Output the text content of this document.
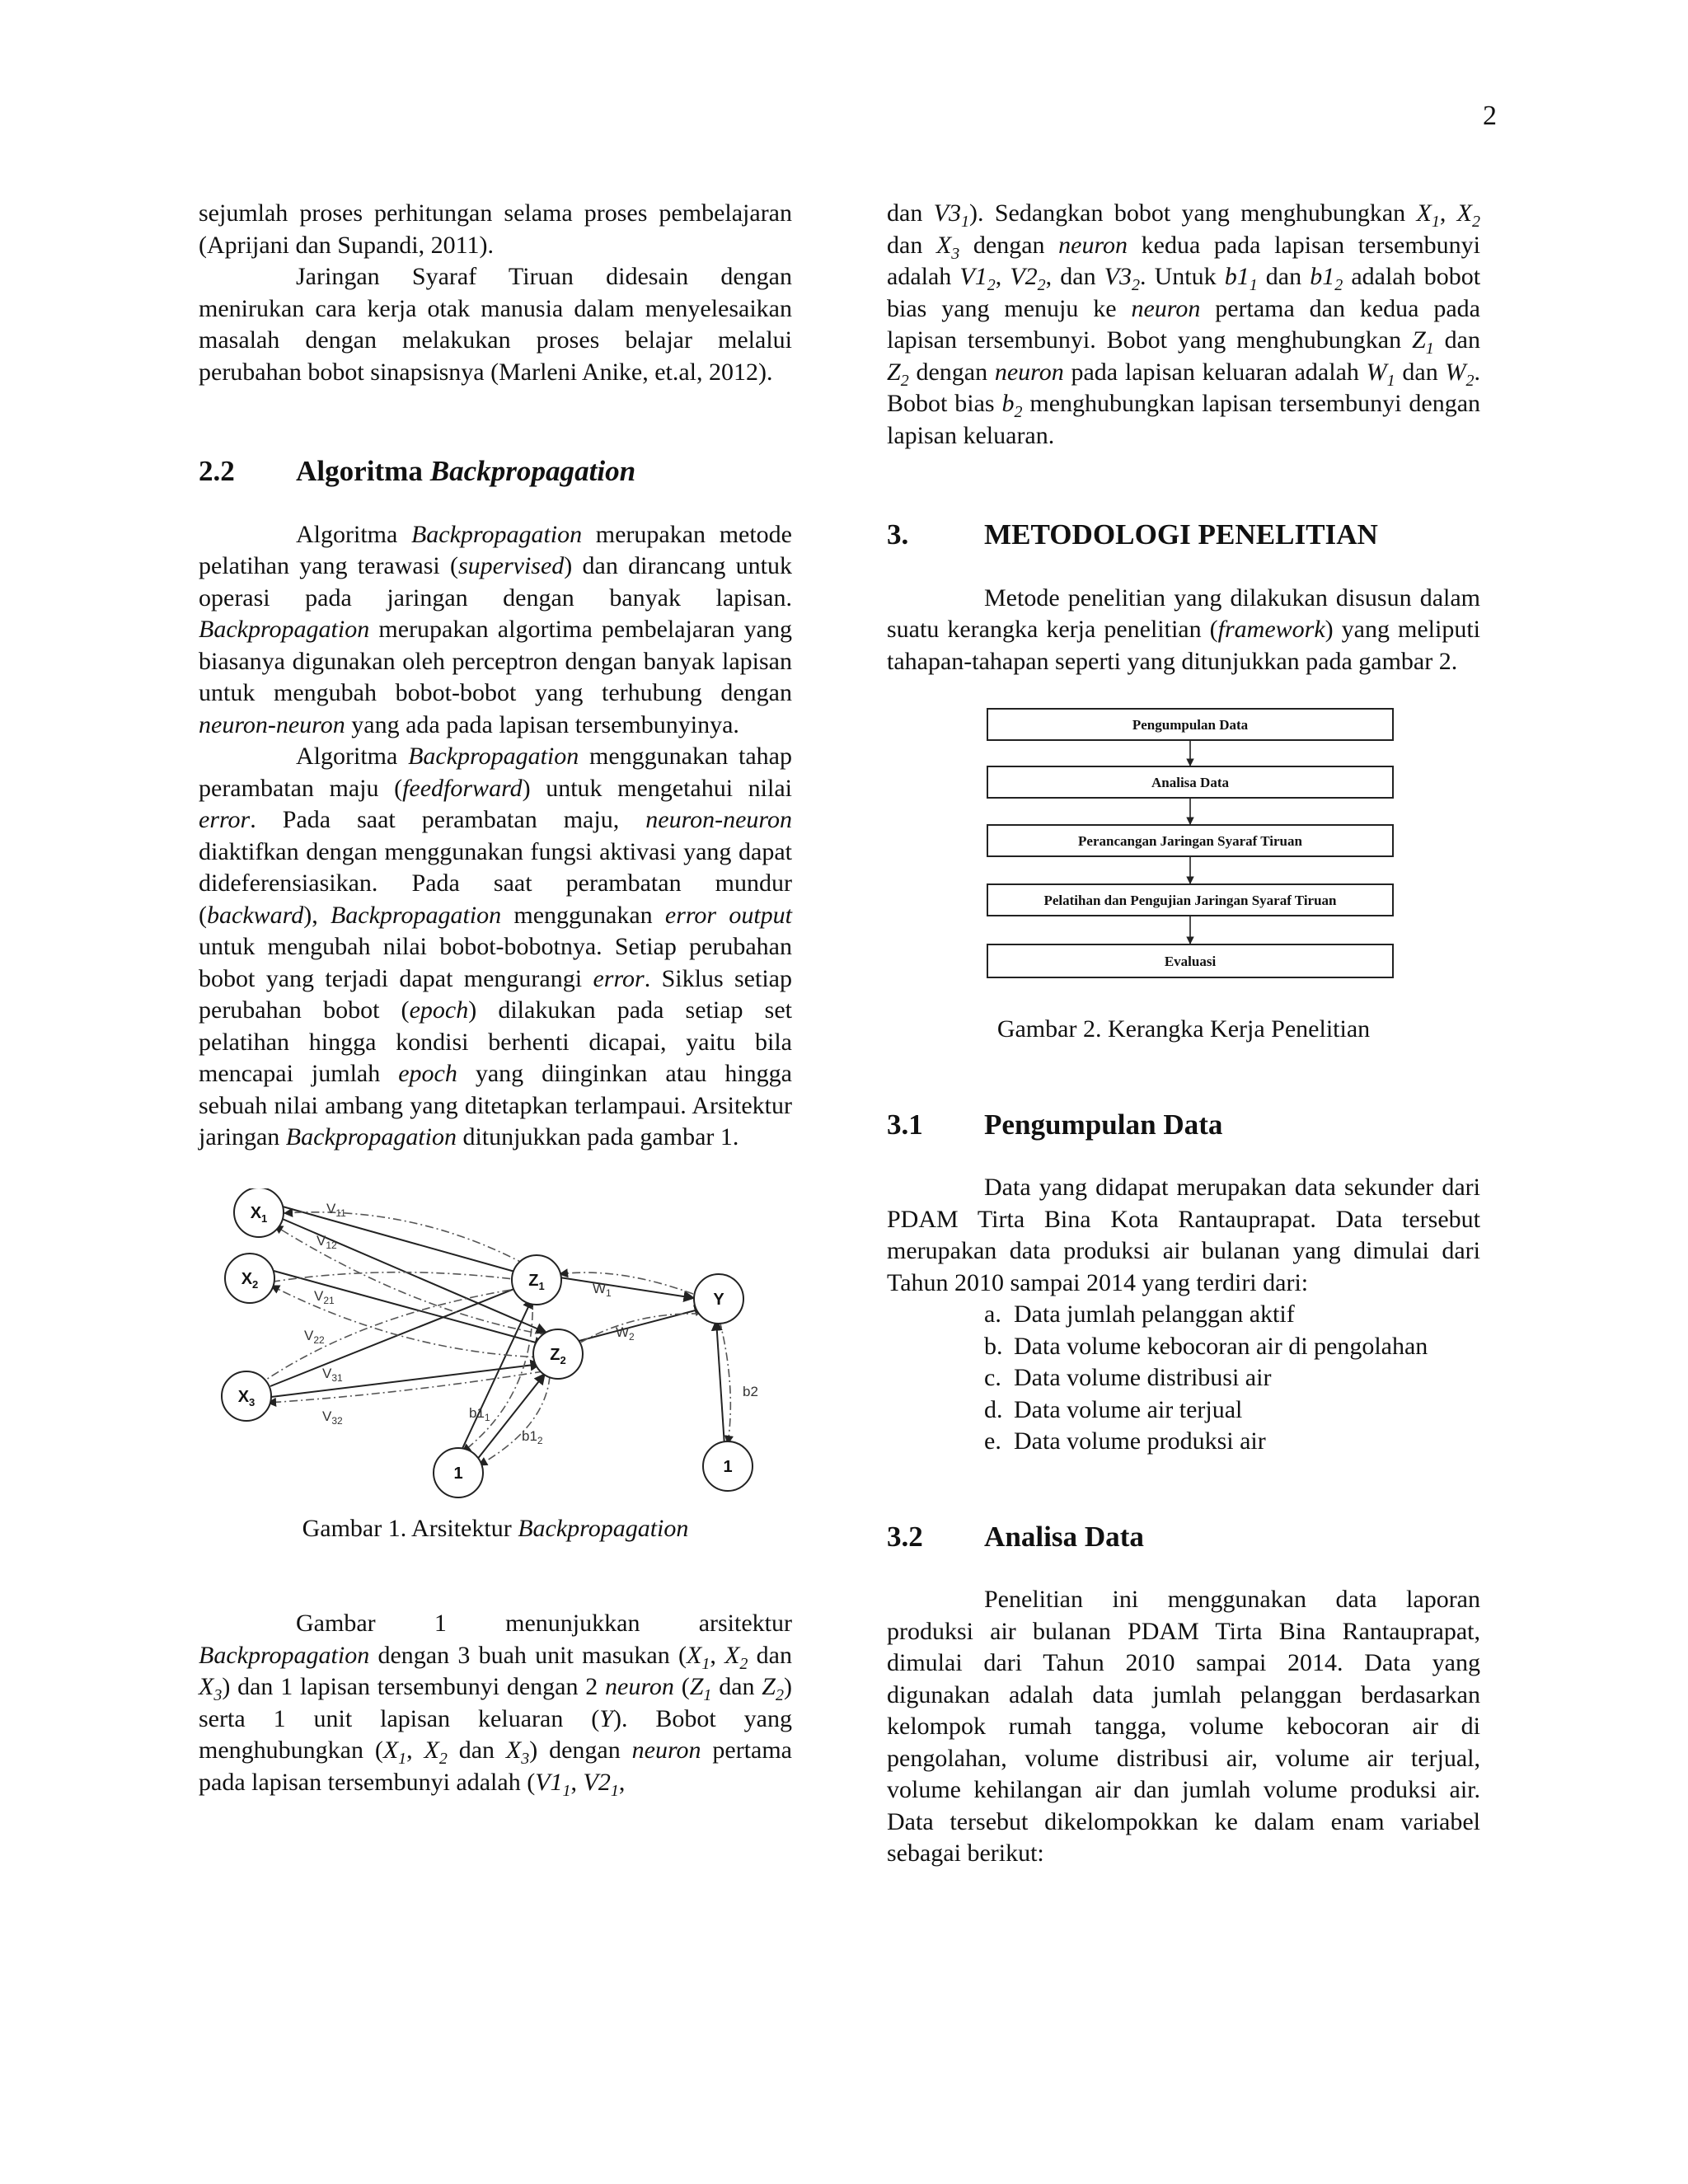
2

sejumlah proses perhitungan selama proses pembelajaran (Aprijani dan Supandi, 2011).

Jaringan Syaraf Tiruan didesain dengan menirukan cara kerja otak manusia dalam menyelesaikan masalah dengan melakukan proses belajar melalui perubahan bobot sinapsisnya (Marleni Anike, et.al, 2012).

2.2	Algoritma Backpropagation

Algoritma Backpropagation merupakan metode pelatihan yang terawasi (supervised) dan dirancang untuk operasi pada jaringan dengan banyak lapisan. Backpropagation merupakan algortima pembelajaran yang biasanya digunakan oleh perceptron dengan banyak lapisan untuk mengubah bobot-bobot yang terhubung dengan neuron-neuron yang ada pada lapisan tersembunyinya.

Algoritma Backpropagation menggunakan tahap perambatan maju (feedforward) untuk mengetahui nilai error. Pada saat perambatan maju, neuron-neuron diaktifkan dengan menggunakan fungsi aktivasi yang dapat dideferensiasikan. Pada saat perambatan mundur (backward), Backpropagation menggunakan error output untuk mengubah nilai bobot-bobotnya. Setiap perubahan bobot yang terjadi dapat mengurangi error. Siklus setiap perubahan bobot (epoch) dilakukan pada setiap set pelatihan hingga kondisi berhenti dicapai, yaitu bila mencapai jumlah epoch yang diinginkan atau hingga sebuah nilai ambang yang ditetapkan terlampaui. Arsitektur jaringan Backpropagation ditunjukkan pada gambar 1.

$X_1$
$X_2$
$X_3$
$Z_1$
$Z_2$
Y
1	1
$V_{11}$
$V_{12}$
$V_{21}$
$V_{22}$
$V_{31}$
$V_{32}$
$W_1$
$W_2$
$b1_1$
$b1_2$
b2

Gambar 1. Arsitektur Backpropagation

Gambar 1 menunjukkan arsitektur Backpropagation dengan 3 buah unit masukan ($X_1$, $X_2$ dan $X_3$) dan 1 lapisan tersembunyi dengan 2 neuron ($Z_1$ dan $Z_2$) serta 1 unit lapisan keluaran (Y). Bobot yang menghubungkan ($X_1$, $X_2$ dan $X_3$) dengan neuron pertama pada lapisan tersembunyi adalah ($V1_1$, $V2_1$,

dan $V3_1$). Sedangkan bobot yang menghubungkan $X_1$, $X_2$ dan $X_3$ dengan neuron kedua pada lapisan tersembunyi adalah $V1_2$, $V2_2$, dan $V3_2$. Untuk $b1_1$ dan $b1_2$ adalah bobot bias yang menuju ke neuron pertama dan kedua pada lapisan tersembunyi. Bobot yang menghubungkan $Z_1$ dan $Z_2$ dengan neuron pada lapisan keluaran adalah $W_1$ dan $W_2$. Bobot bias $b_2$ menghubungkan lapisan tersembunyi dengan lapisan keluaran.

3.	METODOLOGI PENELITIAN

Metode penelitian yang dilakukan disusun dalam suatu kerangka kerja penelitian (framework) yang meliputi tahapan-tahapan seperti yang ditunjukkan pada gambar 2.

Pengumpulan Data
Analisa Data
Perancangan Jaringan Syaraf Tiruan
Pelatihan dan Pengujian Jaringan Syaraf Tiruan
Evaluasi

Gambar 2. Kerangka Kerja Penelitian

3.1	Pengumpulan Data

Data yang didapat merupakan data sekunder dari PDAM Tirta Bina Kota Rantauprapat. Data tersebut merupakan data produksi air bulanan yang dimulai dari Tahun 2010 sampai 2014 yang terdiri dari:

a. Data jumlah pelanggan aktif
b. Data volume kebocoran air di pengolahan
c. Data volume distribusi air
d. Data volume air terjual
e. Data volume produksi air
3.2	Analisa Data

Penelitian ini menggunakan data laporan produksi air bulanan PDAM Tirta Bina Rantauprapat, dimulai dari Tahun 2010 sampai 2014. Data yang digunakan adalah data jumlah pelanggan berdasarkan kelompok rumah tangga, volume kebocoran air di pengolahan, volume distribusi air, volume air terjual, volume kehilangan air dan jumlah volume produksi air. Data tersebut dikelompokkan ke dalam enam variabel sebagai berikut:
